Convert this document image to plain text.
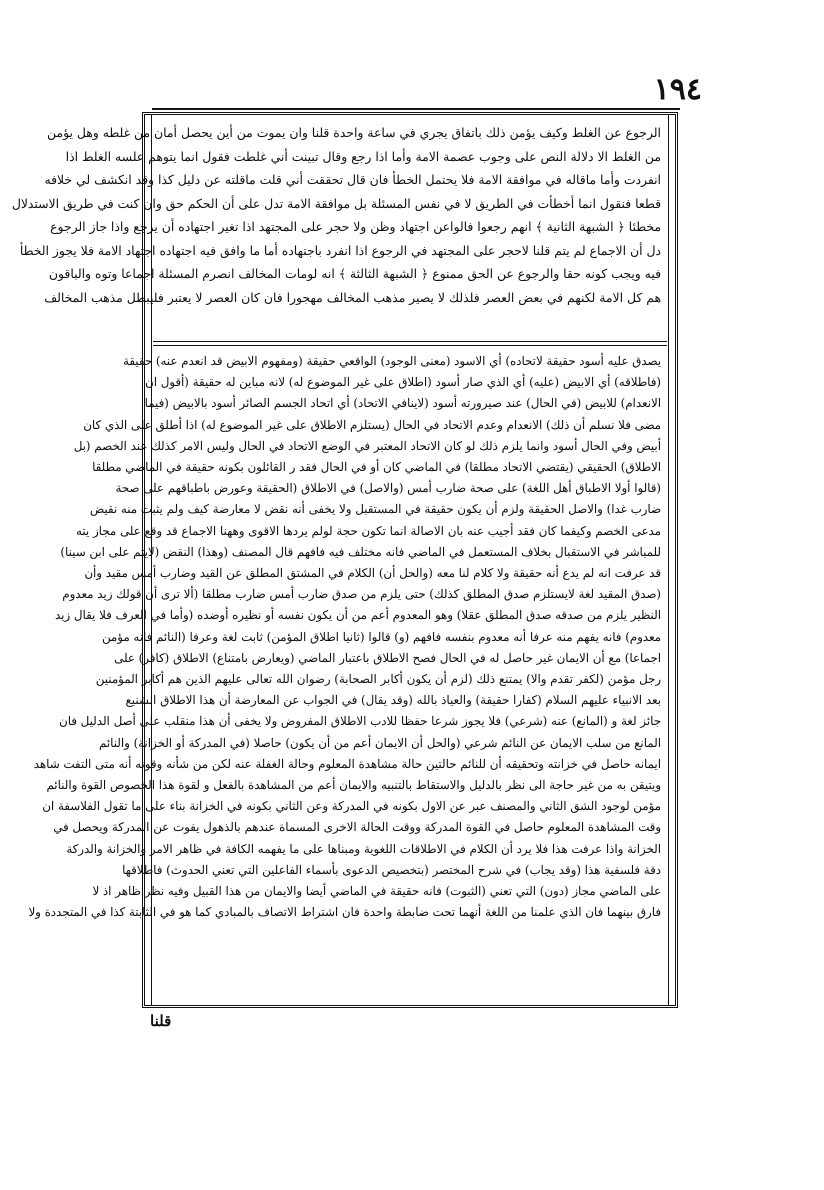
١٩٤
الرجوع عن الغلط وكيف يؤمن ذلك باتفاق يجري في ساعة واحدة قلنا وان يموت من أين يحصل أمان من غلطه وهل يؤمن
من الغلط الا دلالة النص على وجوب عصمة الامة وأما اذا رجع وقال تبينت أني غلطت فقول انما يتوهم علسه الغلط اذا
انفردت وأما ماقاله في موافقة الامة فلا يحتمل الخطأ فان قال تحققت أني قلت ماقلته عن دليل كذا وقد انكشف لي خلافه
قطعا فنقول انما أخطأت في الطريق لا في نفس المسئلة بل موافقة الامة تدل على أن الحكم حق وان كنت في طريق الاستدلال
مخطئا ﴿ الشبهة الثانية ﴾ انهم رجعوا فالواعن اجتهاد وظن ولا حجر على المجتهد اذا تغير اجتهاده أن يرجع واذا جاز الرجوع
دل أن الاجماع لم يتم قلنا لاحجر على المجتهد في الرجوع اذا انفرد باجتهاده أما ما وافق فيه اجتهاده اجتهاد الامة فلا يجوز الخطأ
فيه ويجب كونه حقا والرجوع عن الحق ممنوع ﴿ الشبهة الثالثة ﴾ انه لومات المخالف انصرم المسئلة اجماعا وتوه والباقون
هم كل الامة لكنهم في بعض العصر فلذلك لا يصير مذهب المخالف مهجورا فان كان العصر لا يعتبر فليبطل مذهب المخالف
يصدق عليه أسود حقيقة لاتحاده) أي الاسود (معنى الوجود) الواقعي حقيقة (ومفهوم الابيض قد انعدم عنه) حقيقة
(فاطلاقه) أي الابيض (عليه) أي الذي صار أسود (اطلاق على غير الموضوع له) لانه مباين له حقيقة (أقول ان
الانعدام) للابيض (في الحال) عند صيرورته أسود (لاينافي الاتحاد) أي اتحاد الجسم الصائر أسود بالابيض (فيما
مضى فلا نسلم أن ذلك) الانعدام وعدم الاتحاد في الحال (يستلزم الاطلاق على غير الموضوع له) اذا أطلق على الذي كان
أبيض وفي الحال أسود وانما يلزم ذلك لو كان الاتحاد المعتبر في الوضع الاتحاد في الحال وليس الامر كذلك عند الخصم (بل
الاطلاق) الحقيقي (يقتضي الاتحاد مطلقا) في الماضي كان أو في الحال فقد ر القائلون بكونه حقيقة في الماضي مطلقا
(قالوا أولا الاطباق أهل اللغة) على صحة ضارب أمس (والاصل) في الاطلاق (الحقيقة وعورض باطباقهم على صحة
ضارب غدا) والاصل الحقيقة ولزم أن يكون حقيقة في المستقبل ولا يخفى أنه نقض لا معارضة كيف ولم يثبت منه نقيض
مدعى الخصم وكيفما كان فقد أجيب عنه بان الاصالة انما تكون حجة لولم يردها الاقوى وههنا الاجماع قد وقع على مجاز يته
للمباشر في الاستقبال بخلاف المستعمل في الماضي فانه مختلف فيه فافهم قال المصنف (وهذا) النقض (لايتم على ابن سينا)
قد عرفت انه لم يدع أنه حقيقة ولا كلام لنا معه (والحل أن) الكلام في المشتق المطلق عن القيد وضارب أمس مقيد وأن
(صدق المقيد لغة لايستلزم صدق المطلق كذلك) حتى يلزم من صدق ضارب أمس ضارب مطلقا (ألا ترى أن قولك زيد معدوم
النظير يلزم من صدقه صدق المطلق عقلا) وهو المعدوم أعم من أن يكون نفسه أو نظيره أوضده (وأما في العرف فلا يقال زيد
معدوم) فانه يفهم منه عرفا أنه معدوم بنفسه فافهم (و) قالوا (ثانيا اطلاق المؤمن) ثابت لغة وعرفا (النائم فانه مؤمن
اجماعا) مع أن الايمان غير حاصل له في الحال فصح الاطلاق باعتبار الماضي (ويعارض بامتناع) الاطلاق (كافر) على
رجل مؤمن (لكفر تقدم والا) يمتنع ذلك (لزم أن يكون أكابر الصحابة) رضوان الله تعالى عليهم الذين هم أكابر المؤمنين
بعد الانبياء عليهم السلام (كفارا حقيقة) والعياذ بالله (وقد يقال) في الجواب عن المعارضة أن هذا الاطلاق الشنيع
جائز لغة و (المانع) عنه (شرعي) فلا يجوز شرعا حفظا للادب الاطلاق المفروض ولا يخفى أن هذا منقلب على أصل الدليل فان
المانع من سلب الايمان عن النائم شرعي (والحل أن الايمان أعم من أن يكون) حاصلا (في المدركة أو الخزانة) والنائم
ايمانه حاصل في خزانته وتحقيقه أن للنائم حالتين حالة مشاهدة المعلوم وحالة الغفلة عنه لكن من شأنه وقوته أنه متى التفت شاهد
ويتيقن به من غير حاجة الى نظر بالدليل والاستقاط بالتنبيه والايمان أعم من المشاهدة بالفعل و لقوة هذا الخصوص القوة والنائم
مؤمن لوجود الشق الثاني والمصنف عبر عن الاول بكونه في المدركة وعن الثاني بكونه في الخزانة بناء على ما تقول الفلاسفة ان
وقت المشاهدة المعلوم حاصل في القوة المدركة ووقت الحالة الاخرى المسماة عندهم بالذهول يفوت عن المدركة ويحصل في
الخزانة واذا عرفت هذا فلا يرد أن الكلام في الاطلاقات اللغوية ومبناها على ما يفهمه الكافة في ظاهر الامر والخزانة والدركة
دقة فلسفية هذا (وقد يجاب) في شرح المختصر (بتخصيص الدعوى بأسماء الفاعلين التي تعني الحدوث) فاطلاقها
على الماضي مجاز (دون) التي تعني (الثبوت) فانه حقيقة في الماضي أيضا والايمان من هذا القبيل وفيه نظر ظاهر اذ لا
فارق بينهما فان الذي علمنا من اللغة أنهما تحت ضابطة واحدة فان اشتراط الاتصاف بالمبادي كما هو في الثابتة كذا في المتجددة ولا
قلنا
